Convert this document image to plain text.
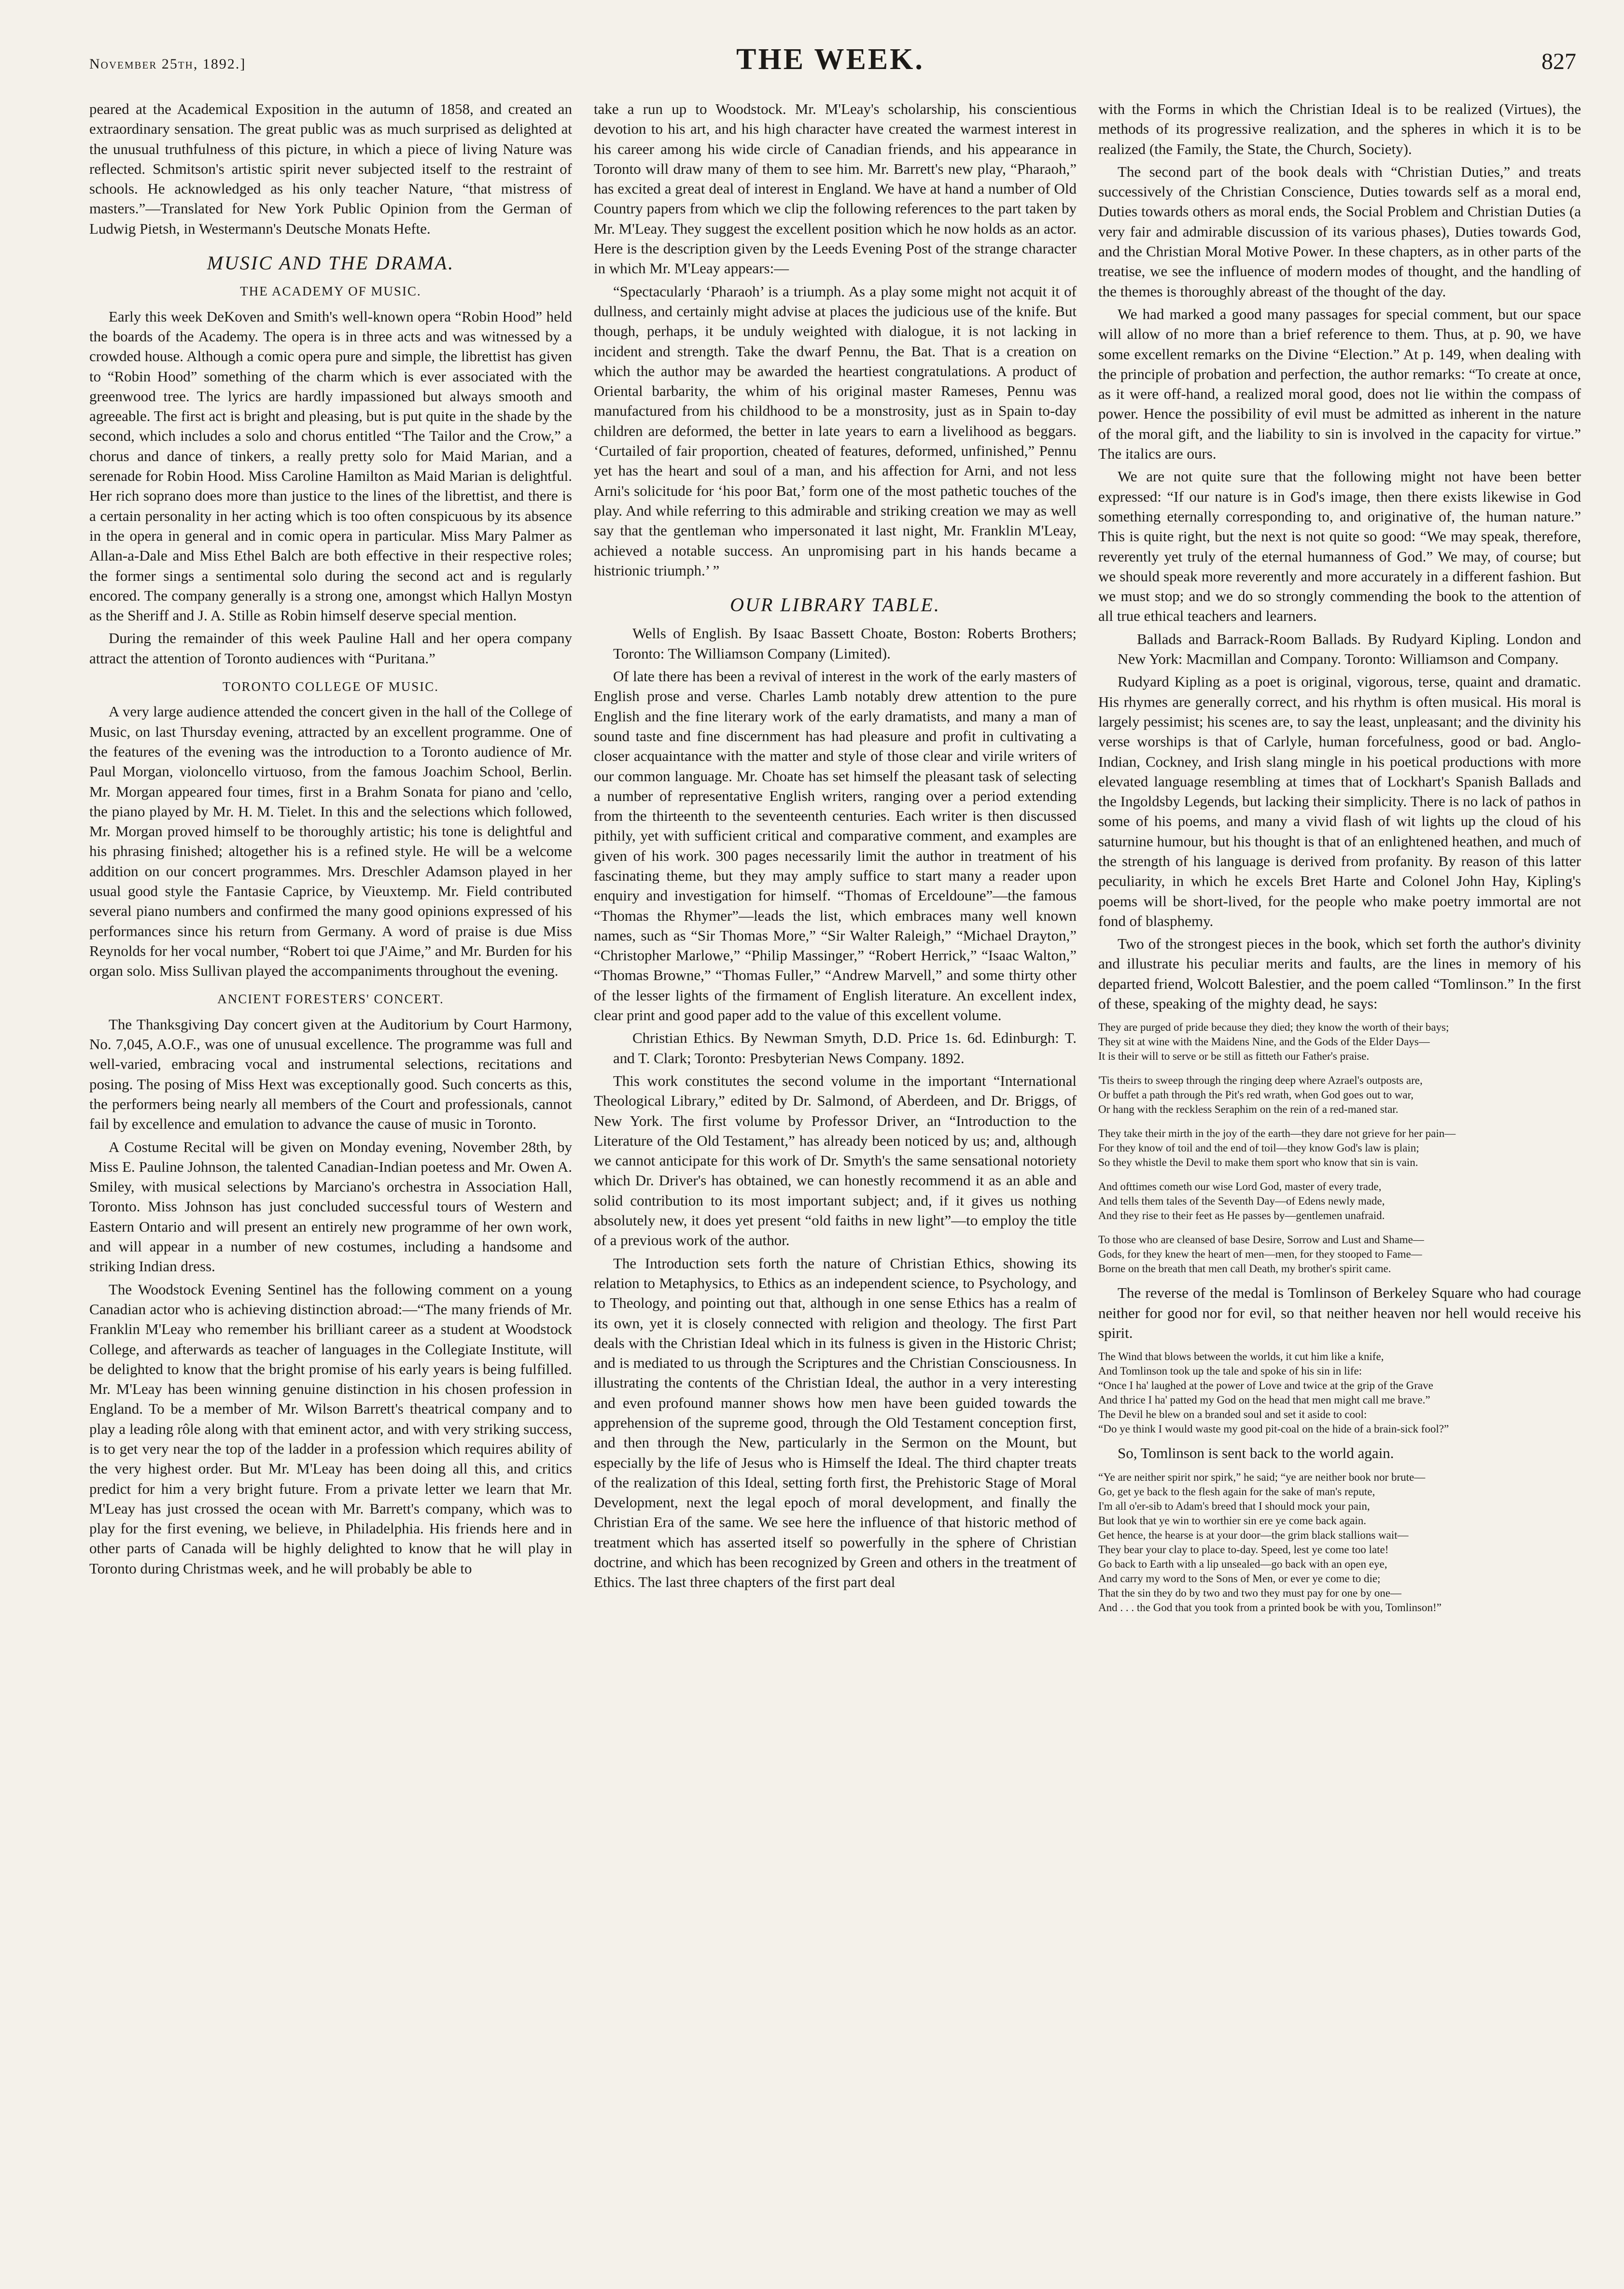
November 25th, 1892.]	THE WEEK.	827

peared at the Academical Exposition in the autumn of 1858, and created an extraordinary sensation. The great public was as much surprised as delighted at the unusual truthfulness of this picture, in which a piece of living Nature was reflected. Schmitson's artistic spirit never subjected itself to the restraint of schools. He acknowledged as his only teacher Nature, “that mistress of masters.”—Translated for New York Public Opinion from the German of Ludwig Pietsh, in Westermann's Deutsche Monats Hefte.

MUSIC AND THE DRAMA.
THE ACADEMY OF MUSIC.

Early this week DeKoven and Smith's well-known opera “Robin Hood” held the boards of the Academy. The opera is in three acts and was witnessed by a crowded house. Although a comic opera pure and simple, the librettist has given to “Robin Hood” something of the charm which is ever associated with the greenwood tree. The lyrics are hardly impassioned but always smooth and agreeable. The first act is bright and pleasing, but is put quite in the shade by the second, which includes a solo and chorus entitled “The Tailor and the Crow,” a chorus and dance of tinkers, a really pretty solo for Maid Marian, and a serenade for Robin Hood. Miss Caroline Hamilton as Maid Marian is delightful. Her rich soprano does more than justice to the lines of the librettist, and there is a certain personality in her acting which is too often conspicuous by its absence in the opera in general and in comic opera in particular. Miss Mary Palmer as Allan-a-Dale and Miss Ethel Balch are both effective in their respective roles; the former sings a sentimental solo during the second act and is regularly encored. The company generally is a strong one, amongst which Hallyn Mostyn as the Sheriff and J. A. Stille as Robin himself deserve special mention.

During the remainder of this week Pauline Hall and her opera company attract the attention of Toronto audiences with “Puritana.”

TORONTO COLLEGE OF MUSIC.

A very large audience attended the concert given in the hall of the College of Music, on last Thursday evening, attracted by an excellent programme. One of the features of the evening was the introduction to a Toronto audience of Mr. Paul Morgan, violoncello virtuoso, from the famous Joachim School, Berlin. Mr. Morgan appeared four times, first in a Brahm Sonata for piano and 'cello, the piano played by Mr. H. M. Tielet. In this and the selections which followed, Mr. Morgan proved himself to be thoroughly artistic; his tone is delightful and his phrasing finished; altogether his is a refined style. He will be a welcome addition on our concert programmes. Mrs. Dreschler Adamson played in her usual good style the Fantasie Caprice, by Vieuxtemp. Mr. Field contributed several piano numbers and confirmed the many good opinions expressed of his performances since his return from Germany. A word of praise is due Miss Reynolds for her vocal number, “Robert toi que J'Aime,” and Mr. Burden for his organ solo. Miss Sullivan played the accompaniments throughout the evening.

ANCIENT FORESTERS' CONCERT.

The Thanksgiving Day concert given at the Auditorium by Court Harmony, No. 7,045, A.O.F., was one of unusual excellence. The programme was full and well-varied, embracing vocal and instrumental selections, recitations and posing. The posing of Miss Hext was exceptionally good. Such concerts as this, the performers being nearly all members of the Court and professionals, cannot fail by excellence and emulation to advance the cause of music in Toronto.

A Costume Recital will be given on Monday evening, November 28th, by Miss E. Pauline Johnson, the talented Canadian-Indian poetess and Mr. Owen A. Smiley, with musical selections by Marciano's orchestra in Association Hall, Toronto. Miss Johnson has just concluded successful tours of Western and Eastern Ontario and will present an entirely new programme of her own work, and will appear in a number of new costumes, including a handsome and striking Indian dress.

The Woodstock Evening Sentinel has the following comment on a young Canadian actor who is achieving distinction abroad:—“The many friends of Mr. Franklin M'Leay who remember his brilliant career as a student at Woodstock College, and afterwards as teacher of languages in the Collegiate Institute, will be delighted to know that the bright promise of his early years is being fulfilled. Mr. M'Leay has been winning genuine distinction in his chosen profession in England. To be a member of Mr. Wilson Barrett's theatrical company and to play a leading rôle along with that eminent actor, and with very striking success, is to get very near the top of the ladder in a profession which requires ability of the very highest order. But Mr. M'Leay has been doing all this, and critics predict for him a very bright future. From a private letter we learn that Mr. M'Leay has just crossed the ocean with Mr. Barrett's company, which was to play for the first evening, we believe, in Philadelphia. His friends here and in other parts of Canada will be highly delighted to know that he will play in Toronto during Christmas week, and he will probably be able to

take a run up to Woodstock. Mr. M'Leay's scholarship, his conscientious devotion to his art, and his high character have created the warmest interest in his career among his wide circle of Canadian friends, and his appearance in Toronto will draw many of them to see him. Mr. Barrett's new play, “Pharaoh,” has excited a great deal of interest in England. We have at hand a number of Old Country papers from which we clip the following references to the part taken by Mr. M'Leay. They suggest the excellent position which he now holds as an actor. Here is the description given by the Leeds Evening Post of the strange character in which Mr. M'Leay appears:—

“Spectacularly ‘Pharaoh’ is a triumph. As a play some might not acquit it of dullness, and certainly might advise at places the judicious use of the knife. But though, perhaps, it be unduly weighted with dialogue, it is not lacking in incident and strength. Take the dwarf Pennu, the Bat. That is a creation on which the author may be awarded the heartiest congratulations. A product of Oriental barbarity, the whim of his original master Rameses, Pennu was manufactured from his childhood to be a monstrosity, just as in Spain to-day children are deformed, the better in late years to earn a livelihood as beggars. ‘Curtailed of fair proportion, cheated of features, deformed, unfinished,” Pennu yet has the heart and soul of a man, and his affection for Arni, and not less Arni's solicitude for ‘his poor Bat,’ form one of the most pathetic touches of the play. And while referring to this admirable and striking creation we may as well say that the gentleman who impersonated it last night, Mr. Franklin M'Leay, achieved a notable success. An unpromising part in his hands became a histrionic triumph.’ ”

OUR LIBRARY TABLE.

Wells of English. By Isaac Bassett Choate, Boston: Roberts Brothers; Toronto: The Williamson Company (Limited).

Of late there has been a revival of interest in the work of the early masters of English prose and verse. Charles Lamb notably drew attention to the pure English and the fine literary work of the early dramatists, and many a man of sound taste and fine discernment has had pleasure and profit in cultivating a closer acquaintance with the matter and style of those clear and virile writers of our common language. Mr. Choate has set himself the pleasant task of selecting a number of representative English writers, ranging over a period extending from the thirteenth to the seventeenth centuries. Each writer is then discussed pithily, yet with sufficient critical and comparative comment, and examples are given of his work. 300 pages necessarily limit the author in treatment of his fascinating theme, but they may amply suffice to start many a reader upon enquiry and investigation for himself. “Thomas of Erceldoune”—the famous “Thomas the Rhymer”—leads the list, which embraces many well known names, such as “Sir Thomas More,” “Sir Walter Raleigh,” “Michael Drayton,” “Christopher Marlowe,” “Philip Massinger,” “Robert Herrick,” “Isaac Walton,” “Thomas Browne,” “Thomas Fuller,” “Andrew Marvell,” and some thirty other of the lesser lights of the firmament of English literature. An excellent index, clear print and good paper add to the value of this excellent volume.

Christian Ethics. By Newman Smyth, D.D. Price 1s. 6d. Edinburgh: T. and T. Clark; Toronto: Presbyterian News Company. 1892.

This work constitutes the second volume in the important “International Theological Library,” edited by Dr. Salmond, of Aberdeen, and Dr. Briggs, of New York. The first volume by Professor Driver, an “Introduction to the Literature of the Old Testament,” has already been noticed by us; and, although we cannot anticipate for this work of Dr. Smyth's the same sensational notoriety which Dr. Driver's has obtained, we can honestly recommend it as an able and solid contribution to its most important subject; and, if it gives us nothing absolutely new, it does yet present “old faiths in new light”—to employ the title of a previous work of the author.

The Introduction sets forth the nature of Christian Ethics, showing its relation to Metaphysics, to Ethics as an independent science, to Psychology, and to Theology, and pointing out that, although in one sense Ethics has a realm of its own, yet it is closely connected with religion and theology. The first Part deals with the Christian Ideal which in its fulness is given in the Historic Christ; and is mediated to us through the Scriptures and the Christian Consciousness. In illustrating the contents of the Christian Ideal, the author in a very interesting and even profound manner shows how men have been guided towards the apprehension of the supreme good, through the Old Testament conception first, and then through the New, particularly in the Sermon on the Mount, but especially by the life of Jesus who is Himself the Ideal. The third chapter treats of the realization of this Ideal, setting forth first, the Prehistoric Stage of Moral Development, next the legal epoch of moral development, and finally the Christian Era of the same. We see here the influence of that historic method of treatment which has asserted itself so powerfully in the sphere of Christian doctrine, and which has been recognized by Green and others in the treatment of Ethics. The last three chapters of the first part deal

with the Forms in which the Christian Ideal is to be realized (Virtues), the methods of its progressive realization, and the spheres in which it is to be realized (the Family, the State, the Church, Society).

The second part of the book deals with “Christian Duties,” and treats successively of the Christian Conscience, Duties towards self as a moral end, Duties towards others as moral ends, the Social Problem and Christian Duties (a very fair and admirable discussion of its various phases), Duties towards God, and the Christian Moral Motive Power. In these chapters, as in other parts of the treatise, we see the influence of modern modes of thought, and the handling of the themes is thoroughly abreast of the thought of the day.

We had marked a good many passages for special comment, but our space will allow of no more than a brief reference to them. Thus, at p. 90, we have some excellent remarks on the Divine “Election.” At p. 149, when dealing with the principle of probation and perfection, the author remarks: “To create at once, as it were off-hand, a realized moral good, does not lie within the compass of power. Hence the possibility of evil must be admitted as inherent in the nature of the moral gift, and the liability to sin is involved in the capacity for virtue.” The italics are ours.

We are not quite sure that the following might not have been better expressed: “If our nature is in God's image, then there exists likewise in God something eternally corresponding to, and originative of, the human nature.” This is quite right, but the next is not quite so good: “We may speak, therefore, reverently yet truly of the eternal humanness of God.” We may, of course; but we should speak more reverently and more accurately in a different fashion. But we must stop; and we do so strongly commending the book to the attention of all true ethical teachers and learners.

Ballads and Barrack-Room Ballads. By Rudyard Kipling. London and New York: Macmillan and Company. Toronto: Williamson and Company.

Rudyard Kipling as a poet is original, vigorous, terse, quaint and dramatic. His rhymes are generally correct, and his rhythm is often musical. His moral is largely pessimist; his scenes are, to say the least, unpleasant; and the divinity his verse worships is that of Carlyle, human forcefulness, good or bad. Anglo-Indian, Cockney, and Irish slang mingle in his poetical productions with more elevated language resembling at times that of Lockhart's Spanish Ballads and the Ingoldsby Legends, but lacking their simplicity. There is no lack of pathos in some of his poems, and many a vivid flash of wit lights up the cloud of his saturnine humour, but his thought is that of an enlightened heathen, and much of the strength of his language is derived from profanity. By reason of this latter peculiarity, in which he excels Bret Harte and Colonel John Hay, Kipling's poems will be short-lived, for the people who make poetry immortal are not fond of blasphemy.

Two of the strongest pieces in the book, which set forth the author's divinity and illustrate his peculiar merits and faults, are the lines in memory of his departed friend, Wolcott Balestier, and the poem called “Tomlinson.” In the first of these, speaking of the mighty dead, he says:

They are purged of pride because they died; they know the worth of their bays;
They sit at wine with the Maidens Nine, and the Gods of the Elder Days—
It is their will to serve or be still as fitteth our Father's praise.
'Tis theirs to sweep through the ringing deep where Azrael's outposts are,
Or buffet a path through the Pit's red wrath, when God goes out to war,
Or hang with the reckless Seraphim on the rein of a red-maned star.
They take their mirth in the joy of the earth—they dare not grieve for her pain—
For they know of toil and the end of toil—they know God's law is plain;
So they whistle the Devil to make them sport who know that sin is vain.
And ofttimes cometh our wise Lord God, master of every trade,
And tells them tales of the Seventh Day—of Edens newly made,
And they rise to their feet as He passes by—gentlemen unafraid.
To those who are cleansed of base Desire, Sorrow and Lust and Shame—
Gods, for they knew the heart of men—men, for they stooped to Fame—
Borne on the breath that men call Death, my brother's spirit came.

The reverse of the medal is Tomlinson of Berkeley Square who had courage neither for good nor for evil, so that neither heaven nor hell would receive his spirit.

The Wind that blows between the worlds, it cut him like a knife,
And Tomlinson took up the tale and spoke of his sin in life:
“Once I ha' laughed at the power of Love and twice at the grip of the Grave
And thrice I ha' patted my God on the head that men might call me brave.”
The Devil he blew on a branded soul and set it aside to cool:
“Do ye think I would waste my good pit-coal on the hide of a brain-sick fool?”

So, Tomlinson is sent back to the world again.

“Ye are neither spirit nor spirk,” he said; “ye are neither book nor brute—
Go, get ye back to the flesh again for the sake of man's repute,
I'm all o'er-sib to Adam's breed that I should mock your pain,
But look that ye win to worthier sin ere ye come back again.
Get hence, the hearse is at your door—the grim black stallions wait—
They bear your clay to place to-day. Speed, lest ye come too late!
Go back to Earth with a lip unsealed—go back with an open eye,
And carry my word to the Sons of Men, or ever ye come to die;
That the sin they do by two and two they must pay for one by one—
And . . . the God that you took from a printed book be with you, Tomlinson!”
